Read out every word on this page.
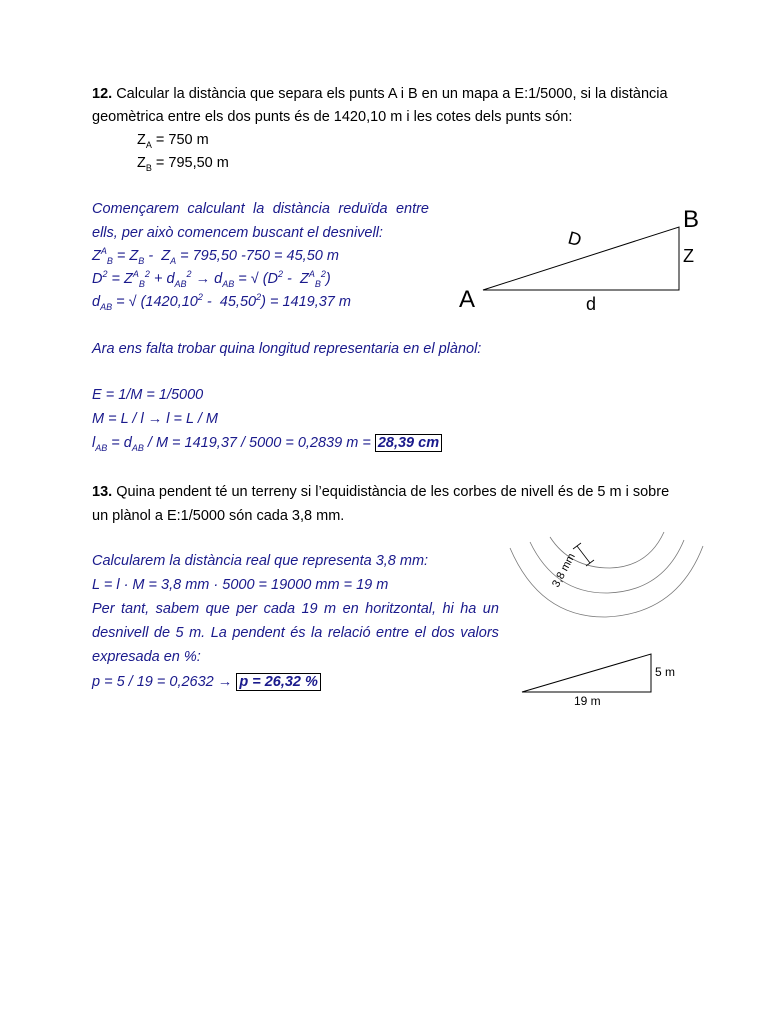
12. Calcular la distància que separa els punts A i B en un mapa a E:1/5000, si la distància
geomètrica entre els dos punts és de 1420,10 m i les cotes dels punts són:
$Z_A = 750$ m
$Z_B = 795,50$ m
Començarem calculant la distància reduïda entre
ells, per això comencem buscant el desnivell:
$Z^A_B = Z_B - Z_A = 795,50$ -750 = 45,50 m
$D^2 = Z^A_B^2 + d_{AB}^2 \to d_{AB}$ = √ $(D^2 - Z^A_B^2)$
$d_{AB}$ = √ $(1420,10^2 - 45,50^2) = 1419,37$ m
Ara ens falta trobar quina longitud representaria en el plànol:
E = 1/M = 1/5000
M = L / l → l = L / M
$l_{AB} = d_{AB} / M = 1419,37 / 5000 = 0,2839$ m = 28,39 cm
13. Quina pendent té un terreny si l’equidistància de les corbes de nivell és de 5 m i sobre
un plànol a E:1/5000 són cada 3,8 mm.
Calcularem la distància real que representa 3,8 mm:
L = l · M = 3,8 mm · 5000 = 19000 mm = 19 m
Per tant, sabem que per cada 19 m en horitzontal, hi ha un
desnivell de 5 m. La pendent és la relació entre el dos valors
expresada en %:
p = 5 / 19 = 0,2632 → p = 26,32 %
A
B
D
Z
d
3,8 mm
5 m
19 m
